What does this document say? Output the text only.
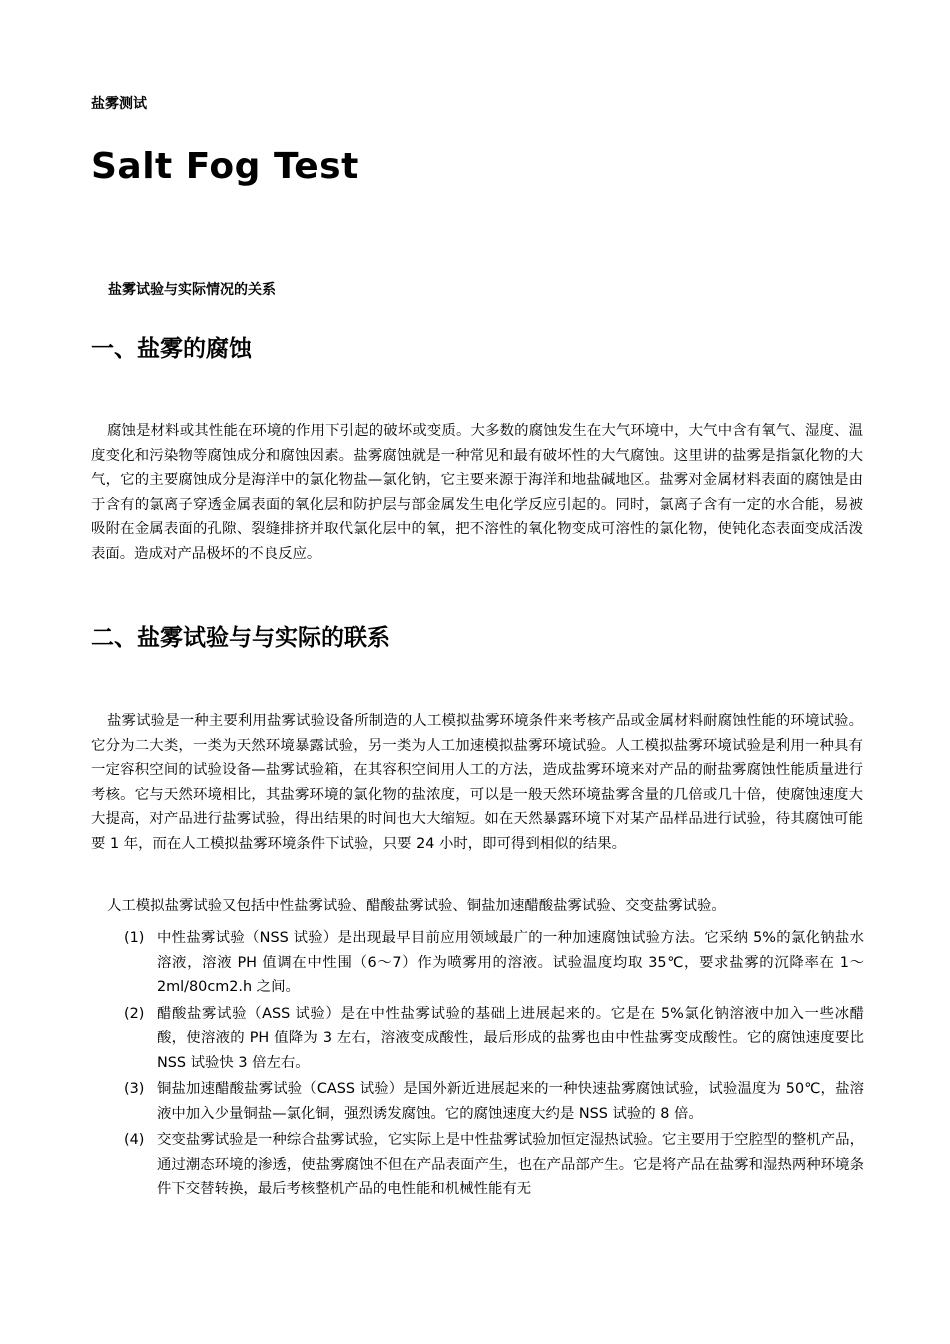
盐雾测试
Salt Fog Test
盐雾试验与实际情况的关系
一、盐雾的腐蚀

腐蚀是材料或其性能在环境的作用下引起的破坏或变质。大多数的腐蚀发生在大气环境中，大气中含有氧气、湿度、温度变化和污染物等腐蚀成分和腐蚀因素。盐雾腐蚀就是一种常见和最有破坏性的大气腐蚀。这里讲的盐雾是指氯化物的大气，它的主要腐蚀成分是海洋中的氯化物盐—氯化钠，它主要来源于海洋和地盐碱地区。盐雾对金属材料表面的腐蚀是由于含有的氯离子穿透金属表面的氧化层和防护层与部金属发生电化学反应引起的。同时，氯离子含有一定的水合能，易被吸附在金属表面的孔隙、裂缝排挤并取代氯化层中的氧，把不溶性的氧化物变成可溶性的氯化物，使钝化态表面变成活泼表面。造成对产品极坏的不良反应。

二、盐雾试验与与实际的联系

盐雾试验是一种主要利用盐雾试验设备所制造的人工模拟盐雾环境条件来考核产品或金属材料耐腐蚀性能的环境试验。它分为二大类，一类为天然环境暴露试验，另一类为人工加速模拟盐雾环境试验。人工模拟盐雾环境试验是利用一种具有一定容积空间的试验设备—盐雾试验箱，在其容积空间用人工的方法，造成盐雾环境来对产品的耐盐雾腐蚀性能质量进行考核。它与天然环境相比，其盐雾环境的氯化物的盐浓度，可以是一般天然环境盐雾含量的几倍或几十倍，使腐蚀速度大大提高，对产品进行盐雾试验，得出结果的时间也大大缩短。如在天然暴露环境下对某产品样品进行试验，待其腐蚀可能要 1 年，而在人工模拟盐雾环境条件下试验，只要 24 小时，即可得到相似的结果。

人工模拟盐雾试验又包括中性盐雾试验、醋酸盐雾试验、铜盐加速醋酸盐雾试验、交变盐雾试验。

(1) 中性盐雾试验（NSS 试验）是出现最早目前应用领域最广的一种加速腐蚀试验方法。它采纳 5%的氯化钠盐水溶液，溶液 PH 值调在中性围（6～7）作为喷雾用的溶液。试验温度均取 35℃，要求盐雾的沉降率在 1～2ml/80cm2.h 之间。
(2) 醋酸盐雾试验（ASS 试验）是在中性盐雾试验的基础上进展起来的。它是在 5%氯化钠溶液中加入一些冰醋酸，使溶液的 PH 值降为 3 左右，溶液变成酸性，最后形成的盐雾也由中性盐雾变成酸性。它的腐蚀速度要比 NSS 试验快 3 倍左右。
(3) 铜盐加速醋酸盐雾试验（CASS 试验）是国外新近进展起来的一种快速盐雾腐蚀试验，试验温度为 50℃，盐溶液中加入少量铜盐—氯化铜，强烈诱发腐蚀。它的腐蚀速度大约是 NSS 试验的 8 倍。
(4) 交变盐雾试验是一种综合盐雾试验，它实际上是中性盐雾试验加恒定湿热试验。它主要用于空腔型的整机产品，通过潮态环境的渗透，使盐雾腐蚀不但在产品表面产生，也在产品部产生。它是将产品在盐雾和湿热两种环境条件下交替转换，最后考核整机产品的电性能和机械性能有无
